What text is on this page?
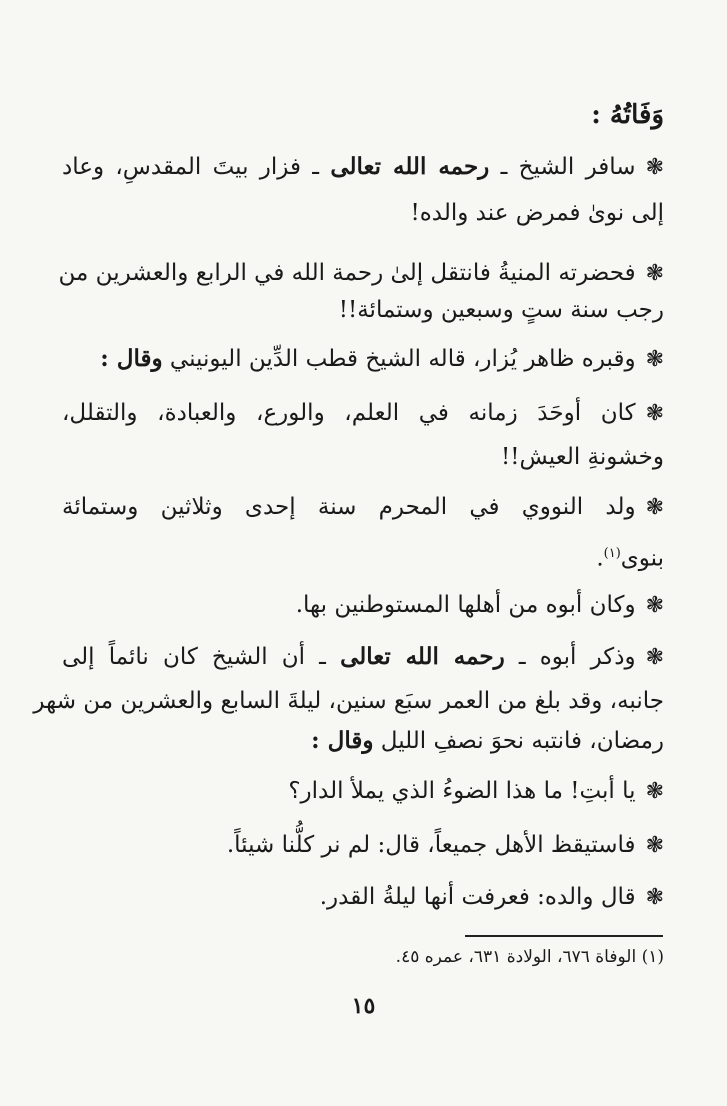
وَفَاتُهُ :
❃سافر الشيخ ـ رحمه الله تعالى ـ فزار بيتَ المقدسِ، وعاد
إلى نوىٰ فمرض عند والده!
❃فحضرته المنيةُ فانتقل إلىٰ رحمة الله في الرابع والعشرين من
رجب سنة ستٍ وسبعين وستمائة!!
❃وقبره ظاهر يُزار، قاله الشيخ قطب الدِّين اليونيني وقال :
❃كان أوحَدَ زمانه في العلم، والورع، والعبادة، والتقلل،
وخشونةِ العيش!!
❃ولد النووي في المحرم سنة إحدى وثلاثين وستمائة
بنوى$^{(١)}$.
❃وكان أبوه من أهلها المستوطنين بها.
❃وذكر أبوه ـ رحمه الله تعالى ـ أن الشيخ كان نائماً إلى
جانبه، وقد بلغ من العمر سبَع سنين، ليلةَ السابع والعشرين من شهر
رمضان، فانتبه نحوَ نصفِ الليل وقال :
❃يا أبتِ! ما هذا الضوءُ الذي يملأ الدار؟
❃فاستيقظ الأهل جميعاً، قال: لم نر كلُّنا شيئاً.
❃قال والده: فعرفت أنها ليلةُ القدر.
(١) الوفاة ٦٧٦، الولادة ٦٣١، عمره ٤٥.
١٥
